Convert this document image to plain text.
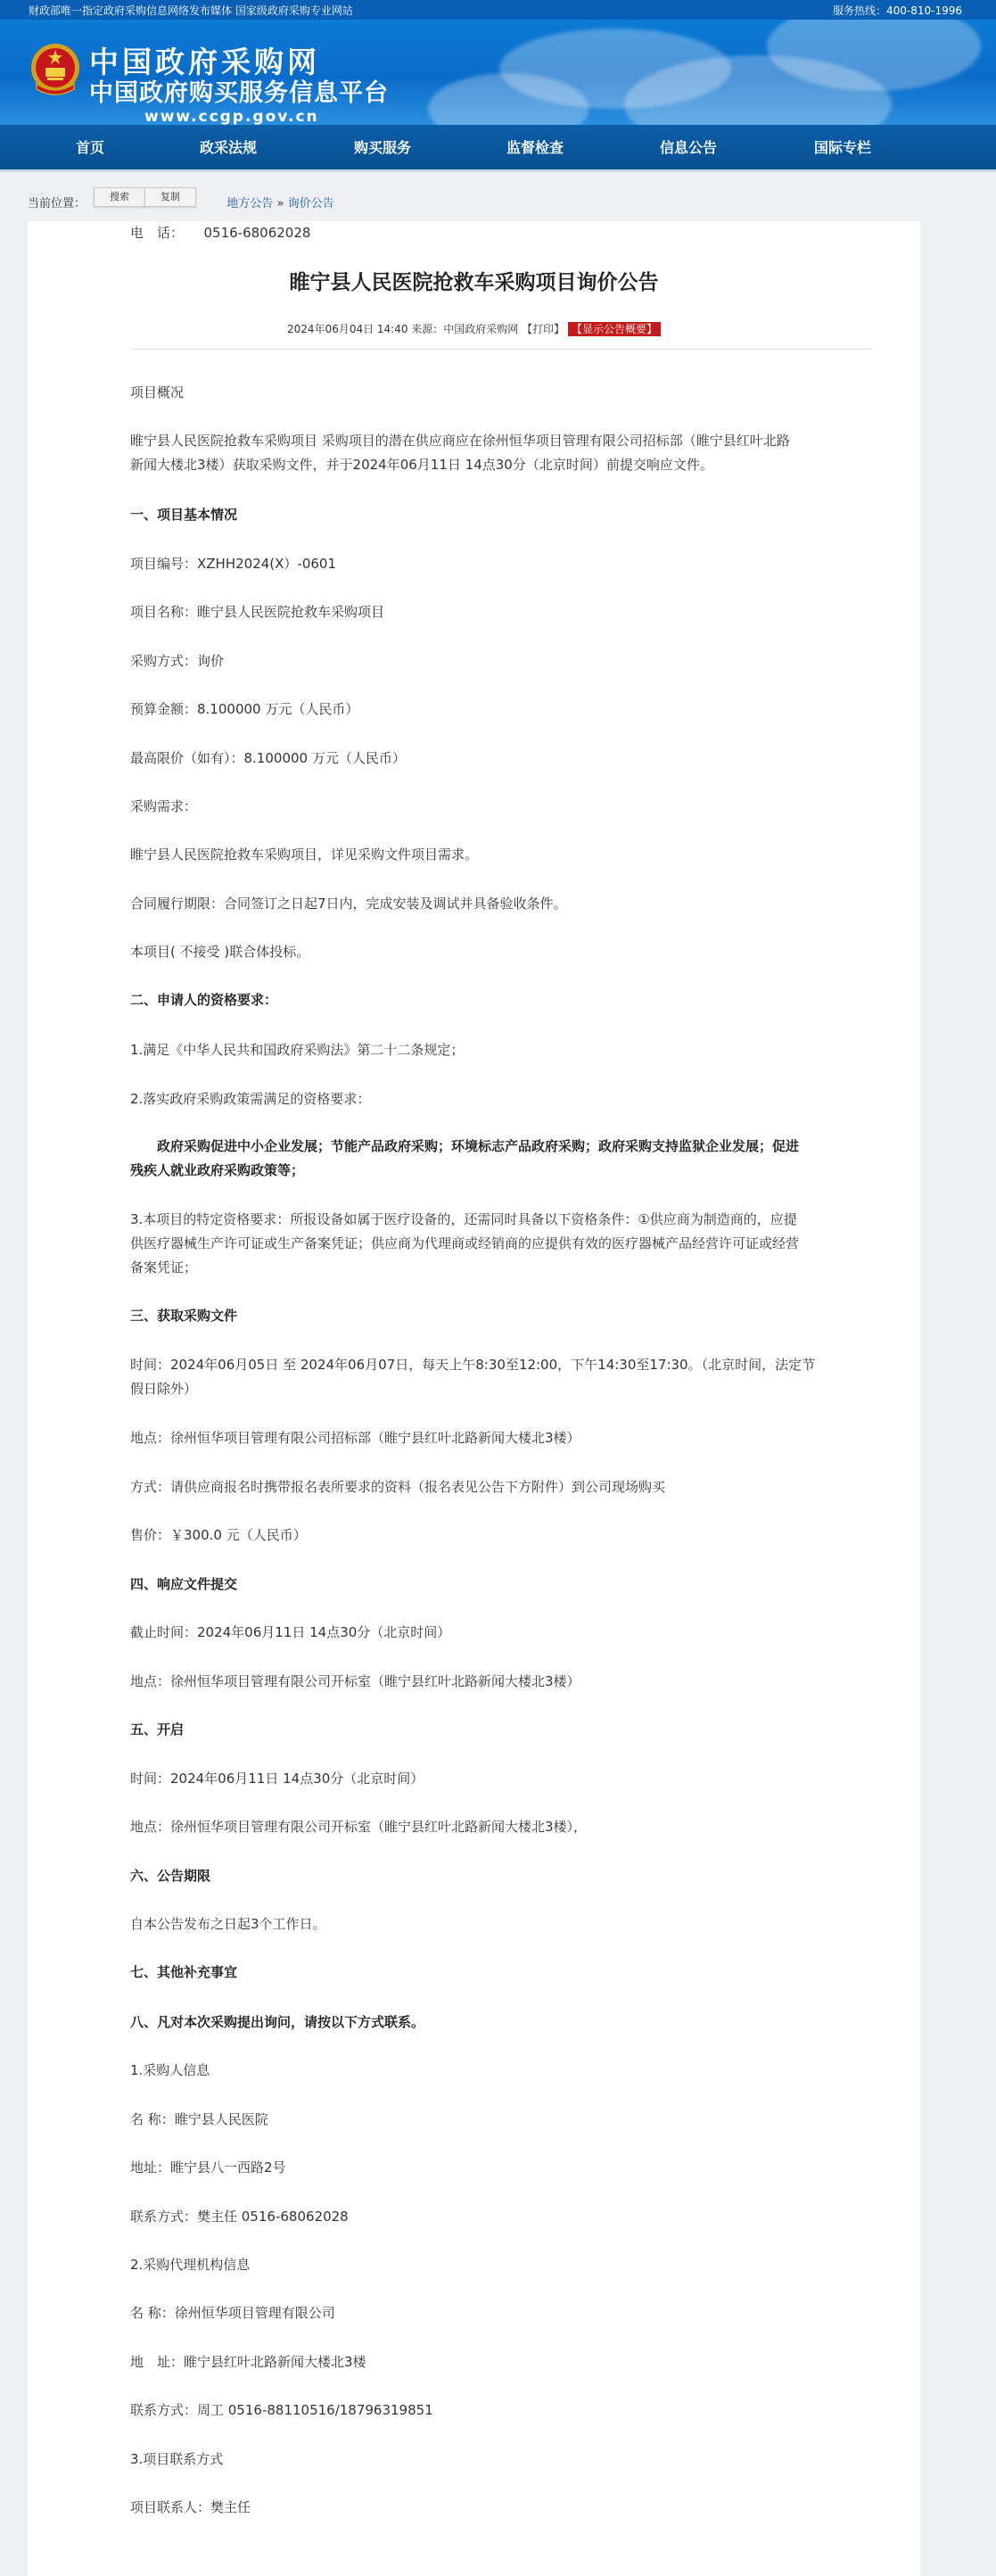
财政部唯一指定政府采购信息网络发布媒体 国家级政府采购专业网站	服务热线：400-810-1996
中国政府采购网
中国政府购买服务信息平台
www.ccgp.gov.cn
首页	政采法规	购买服务	监督检查	信息公告	国际专栏
当前位置：	地方公告 » 询价公告
搜索	复制
睢宁县人民医院抢救车采购项目询价公告
2024年06月04日 14:40 来源：中国政府采购网 【打印】 【显示公告概要】
项目概况
睢宁县人民医院抢救车采购项目 采购项目的潜在供应商应在徐州恒华项目管理有限公司招标部（睢宁县红叶北路
新闻大楼北3楼）获取采购文件，并于2024年06月11日 14点30分（北京时间）前提交响应文件。
一、项目基本情况
项目编号：XZHH2024(X）-0601
项目名称：睢宁县人民医院抢救车采购项目
采购方式：询价
预算金额：8.100000 万元（人民币）
最高限价（如有）：8.100000 万元（人民币）
采购需求：
睢宁县人民医院抢救车采购项目，详见采购文件项目需求。
合同履行期限：合同签订之日起7日内，完成安装及调试并具备验收条件。
本项目( 不接受 )联合体投标。
二、申请人的资格要求：
1.满足《中华人民共和国政府采购法》第二十二条规定；
2.落实政府采购政策需满足的资格要求：
　　政府采购促进中小企业发展；节能产品政府采购；环境标志产品政府采购；政府采购支持监狱企业发展；促进
残疾人就业政府采购政策等；
3.本项目的特定资格要求：所报设备如属于医疗设备的，还需同时具备以下资格条件：①供应商为制造商的，应提
供医疗器械生产许可证或生产备案凭证；供应商为代理商或经销商的应提供有效的医疗器械产品经营许可证或经营
备案凭证；
三、获取采购文件
时间：2024年06月05日 至 2024年06月07日，每天上午8:30至12:00，下午14:30至17:30。（北京时间，法定节
假日除外）
地点：徐州恒华项目管理有限公司招标部（睢宁县红叶北路新闻大楼北3楼）
方式：请供应商报名时携带报名表所要求的资料（报名表见公告下方附件）到公司现场购买
售价：￥300.0 元（人民币）
四、响应文件提交
截止时间：2024年06月11日 14点30分（北京时间）
地点：徐州恒华项目管理有限公司开标室（睢宁县红叶北路新闻大楼北3楼）
五、开启
时间：2024年06月11日 14点30分（北京时间）
地点：徐州恒华项目管理有限公司开标室（睢宁县红叶北路新闻大楼北3楼），
六、公告期限
自本公告发布之日起3个工作日。
七、其他补充事宜
八、凡对本次采购提出询问，请按以下方式联系。
1.采购人信息
名 称：睢宁县人民医院
地址：睢宁县八一西路2号
联系方式：樊主任 0516-68062028
2.采购代理机构信息
名 称：徐州恒华项目管理有限公司
地　址：睢宁县红叶北路新闻大楼北3楼
联系方式：周工 0516-88110516/18796319851
3.项目联系方式
项目联系人：樊主任
电　话：　　0516-68062028
